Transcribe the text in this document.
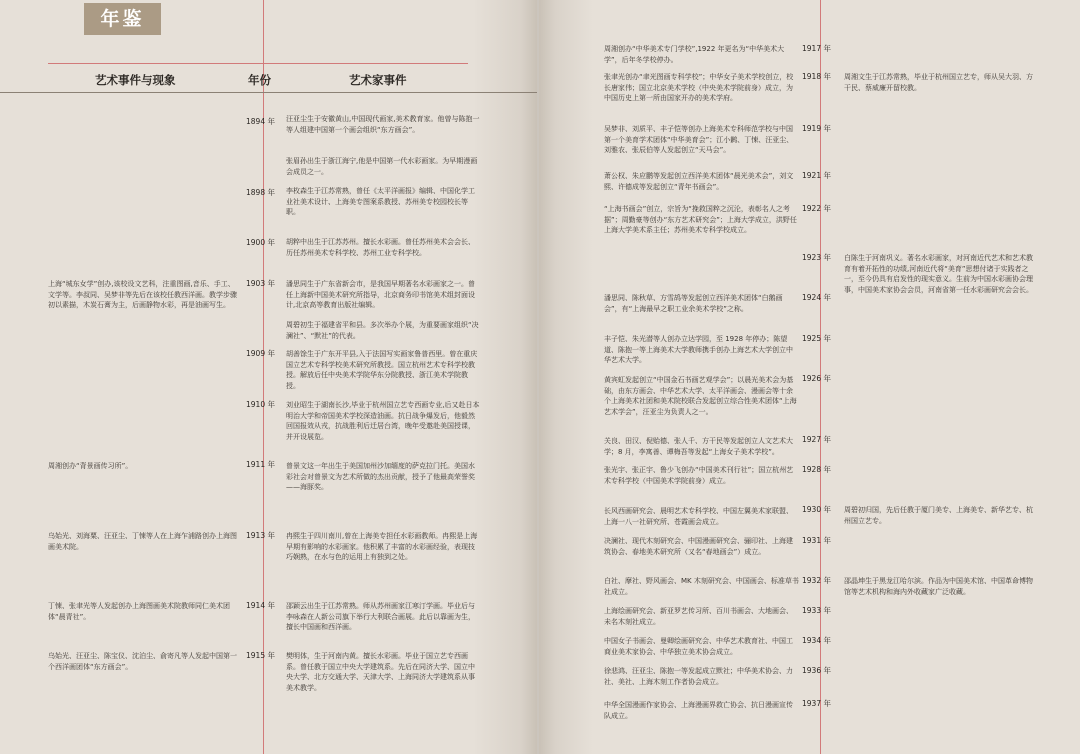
年鉴
艺术事件与现象	年份	艺术家事件
上海“城东女学”创办,该校设文艺科，注重图画,音乐、手工、文学等。李叔同、吴梦非等先后在该校任教西洋画。教学步骤初以素描，木炭石膏为主，后画静物水彩，再是油画写生。
周湘创办“背景画传习所”。
乌始光、刘海粟、汪亚尘、丁悚等人在上海乍浦路创办上海图画美术院。
丁悚、张聿光等人发起创办上海图画美术院教师同仁美术团体“晨青社”。
乌始光、汪亚尘、陈宝仪、沈泊尘、俞寄凡等人发起中国第一个西洋画团体“东方画会”。
1894 年
1898 年
1900 年
1903 年
1909 年
1910 年
1911 年
1913 年
1914 年
1915 年
汪亚尘生于安徽黄山,中国现代画家,美术教育家。他曾与陈抱一等人组建中国第一个画会组织“东方画会”。
张眉孙出生于浙江海宁,他是中国第一代水彩画家。为早期漫画会成员之一。
李枚森生于江苏常熟，曾任《太平洋画报》编辑、中国化学工业社美术设计、上海美专图案系教授、苏州美专校园校长等职。
胡粹中出生于江苏苏州。擅长水彩画。曾任苏州美术会会长、历任苏州美术专科学校、苏州工业专科学校。
潘思同生于广东省新会市，是我国早期著名水彩画家之一。曾任上海新中国美术研究所指导，北京商务印书馆美术组封面设计,北京高等教育出版社编辑。
周碧初生于福建省平和县。多次举办个展，为重要画家组织“决澜社”、“默社”的代表。
胡善馀生于广东开平县,入于法国写实画家鲁普西里。曾在重庆国立艺术专科学校美术研究所教授。国立杭州艺术专科学校教授。解放后任中央美术学院华东分院教授、浙江美术学院教授。
刘业昭生于湖南长沙,毕业于杭州国立艺专西画专业,后又赴日本明治大学和帝国美术学校深造油画。抗日战争爆发后，他毅然回国报效从戎，抗战胜利后迁居台湾，晚年受邀赴美国授课，并开设展览。
曾景文这一年出生于美国加州沙加缅度的萨克拉门托。美国水彩社会对曾景文为艺术所做的杰出贡献，授予了他最高荣誉奖——海豚奖。
冉熙生于四川南川,曾在上海美专担任水彩画教师。冉熙是上海早期有影响的水彩画家。他积累了丰富的水彩画经验，表现技巧娴熟，在水与色的运用上有独到之处。
邵颖云出生于江苏常熟。师从苏州画家江寒汀学画。毕业后与李咏森在人新公司旗下举行大利联合画展。此后以靠画为生，擅长中国画和西洋画。
樊明体，生于河南内黄。擅长水彩画。毕业于国立艺专西画系。曾任教于国立中央大学建筑系。先后在同济大学、国立中央大学、北方交通大学、天津大学、上海同济大学建筑系从事美术教学。
周湘创办“中华美术专门学校”,1922 年更名为“中华美术大学”，后年冬学校停办。
张聿光创办“聿光图画专科学校”；中华女子美术学校创立，校长唐家伟；国立北京美术学校（中央美术学院前身）成立，为中国历史上第一所由国家开办的美术学府。
吴梦非、刘质平、丰子恺等创办上海美术专科师范学校与中国第一个美育学术团体“中华美育会”；江小鹣、丁悚、汪亚尘、刘雅农、张辰伯等人发起创立“天马会”。
萧公权、朱应鹏等发起创立西洋美术团体“晨光美术会”，刘文熙、许德成等发起创立“青年书画会”。
“上海书画会”创立，宗旨为“挽救国粹之沉沦，表彰名人之考据”；周勤豪等创办“东方艺术研究会”；上海大学成立，洪野任上海大学美术系主任；苏州美术专科学校成立。
潘思同、陈秋草、方雪鸪等发起创立西洋美术团体“白鹅画会”，有“上海最早之职工业余美术学校”之称。
丰子恺、朱光潜等人创办立达学园，至 1928 年停办；陈望道、陈抱一等上海美术大学教师携手创办上海艺术大学创立中华艺术大学。
黄宾虹发起创立“中国金石书画艺观学会”；以晨光美术会为基础，由东方画会、中华艺术大学、太平洋画会、漫画会等十余个上海美术社团和美术院校联合发起创立综合性美术团体“上海艺术学会”，汪亚尘为负责人之一。
关良、田汉、倪贻德、张人千、方干民等发起创立人文艺术大学；8 月，李寓善、谭梅吾等发起“上海女子美术学校”。
张光宇、张正宇、鲁少飞创办“中国美术刊行社”；国立杭州艺术专科学校（中国美术学院前身）成立。
长风西画研究会、晨明艺术专科学校、中国左翼美术家联盟、上海一八一社研究所、苍霞画会成立。
决澜社、现代木刻研究会、中国漫画研究会、骊印社、上海建筑协会、春地美术研究所（又名“春地画会”）成立。
白社、摩社、野风画会、MK 木刻研究会、中国画会、标准草书社成立。
上海绘画研究会、新亚罗艺传习所、百川书画会、大地画会、未名木刻社成立。
中国女子书画会、曼卿绘画研究会、中华艺术教育社、中国工商业美术家协会、中华独立美术协会成立。
徐悲鸿、汪亚尘、陈抱一等发起成立默社；中华美术协会、力社、美社、上海木刻工作者协会成立。
中华全国漫画作家协会、上海漫画界救亡协会、抗日漫画宣传队成立。
1917 年
1918 年
1919 年
1921 年
1922 年
1923 年
1924 年
1925 年
1926 年
1927 年
1928 年
1930 年
1931 年
1932 年
1933 年
1934 年
1936 年
1937 年
周湘文生于江苏常熟，毕业于杭州国立艺专，师从吴大羽、方干民、蔡威廉开留校教。
白陈生于河南巩义。著名水彩画家，对河南近代艺术和艺术教育有着开拓性的功绩,河南近代将“美育”思想付诸于实践者之一，至今仍具有启发性的现实意义。生前为中国水彩画协会理事，中国美术家协会会员，河南省第一任水彩画研究会会长。
周碧初归国，先后任教于厦门美专、上海美专、新华艺专、杭州国立艺专。
邵晶坤生于黑龙江哈尔滨。作品为中国美术馆、中国革命博物馆等艺术机构和海内外收藏家广泛收藏。
